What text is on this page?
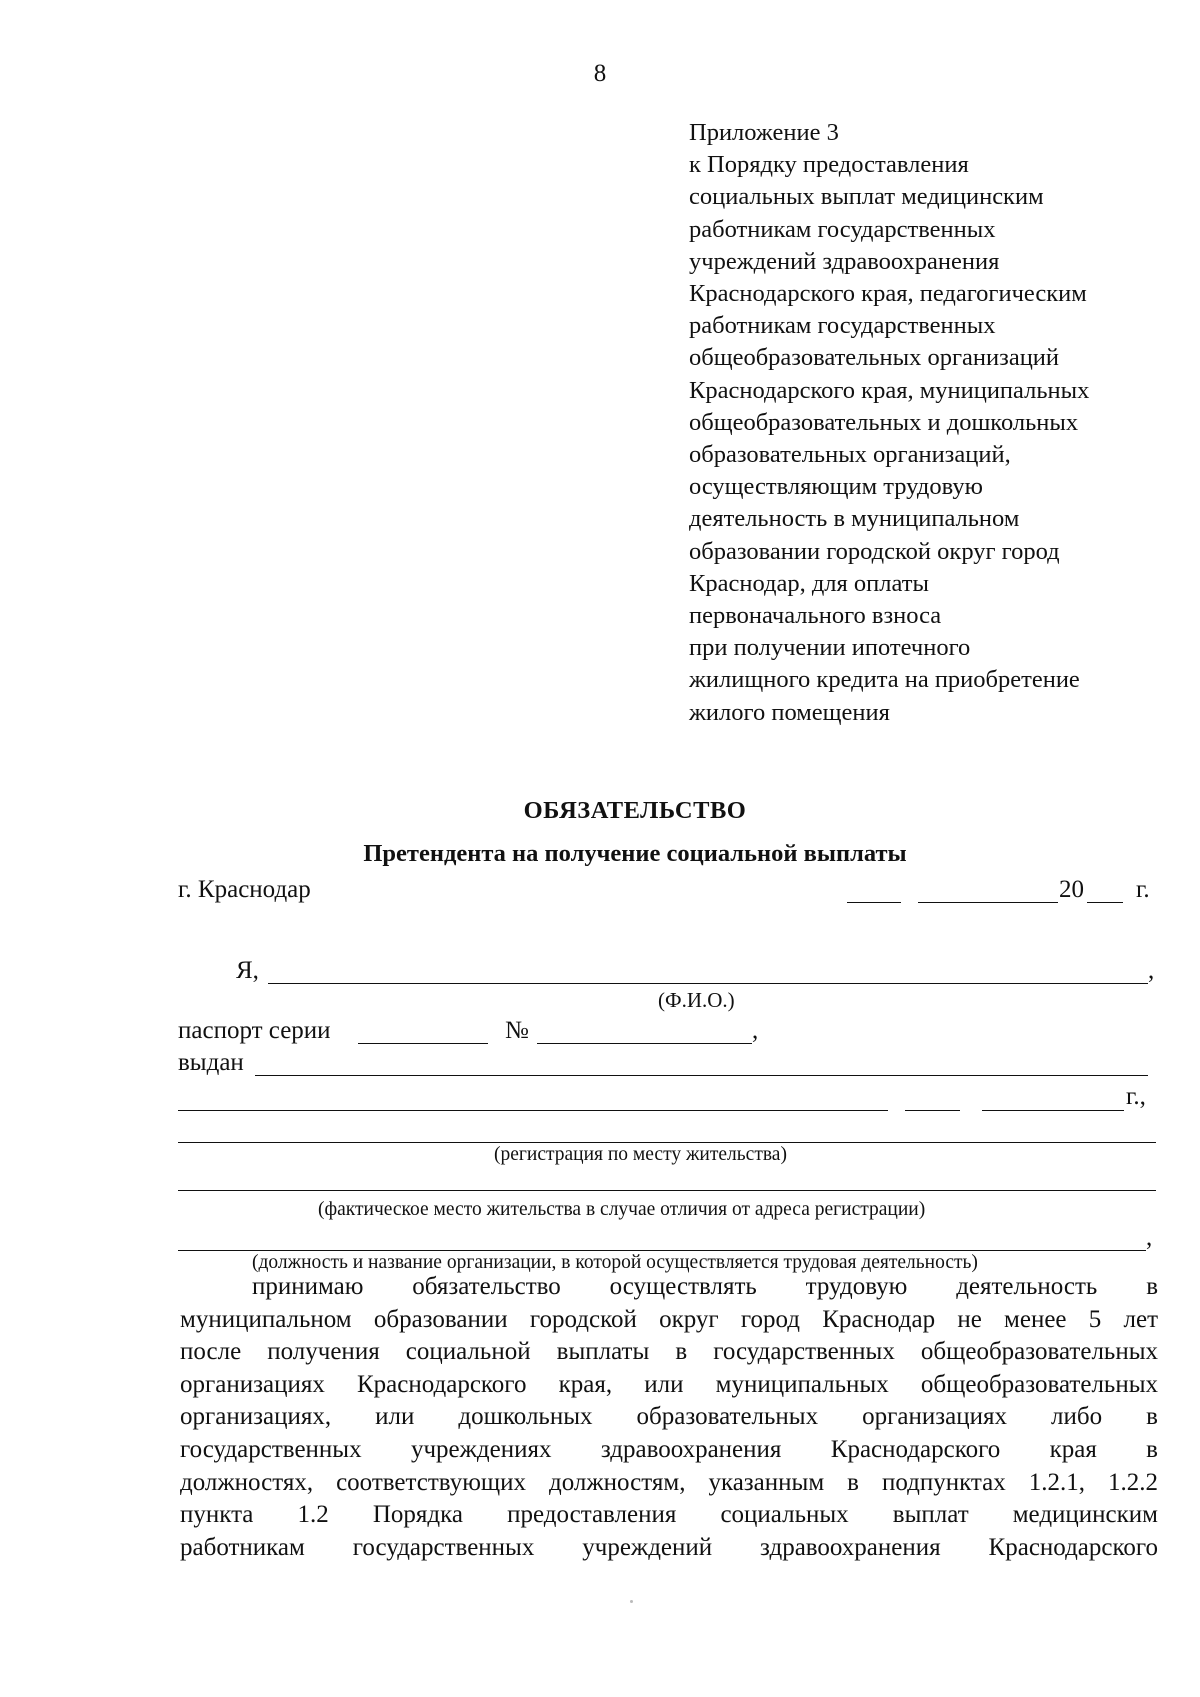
8
Приложение 3
к Порядку предоставления
социальных выплат медицинским
работникам государственных
учреждений здравоохранения
Краснодарского края, педагогическим
работникам государственных
общеобразовательных организаций
Краснодарского края, муниципальных
общеобразовательных и дошкольных
образовательных организаций,
осуществляющим трудовую
деятельность в муниципальном
образовании городской округ город
Краснодар, для оплаты
первоначального взноса
при получении ипотечного
жилищного кредита на приобретение
жилого помещения
ОБЯЗАТЕЛЬСТВО
Претендента на получение социальной выплаты
г. Краснодар	20 г.
Я,	,
(Ф.И.О.)
паспорт серии	№	,
выдан
г.,
(регистрация по месту жительства)
(фактическое место жительства в случае отличия от адреса регистрации)
,
(должность и название организации, в которой осуществляется трудовая деятельность)
принимаю обязательство осуществлять трудовую деятельность в
муниципальном образовании городской округ город Краснодар не менее 5 лет
после получения социальной выплаты в государственных общеобразовательных
организациях Краснодарского края, или муниципальных общеобразовательных
организациях, или дошкольных образовательных организациях либо в
государственных учреждениях здравоохранения Краснодарского края в
должностях, соответствующих должностям, указанным в подпунктах 1.2.1, 1.2.2
пункта 1.2 Порядка предоставления социальных выплат медицинским
работникам государственных учреждений здравоохранения Краснодарского
